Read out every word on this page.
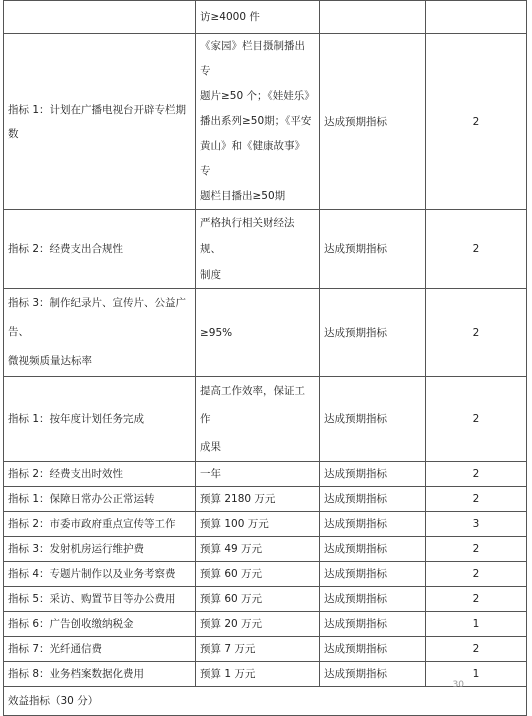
	访≥4000 件		
指标 1：计划在广播电视台开辟专栏期数	《家园》栏目摄制播出专
题片≥50 个；《娃娃乐》
播出系列≥50期；《平安
黄山》和《健康故事》专
题栏目播出≥50期	达成预期指标	2
指标 2：经费支出合规性	严格执行相关财经法规、
制度	达成预期指标	2

指标 3：制作纪录片、宣传片、公益广告、
微视频质量达标率	≥95%	达成预期指标	2
指标 1：按年度计划任务完成	提高工作效率，保证工作
成果	达成预期指标	2
指标 2：经费支出时效性	一年	达成预期指标	2
指标 1：保障日常办公正常运转	预算 2180 万元	达成预期指标	2
指标 2：市委市政府重点宣传等工作	预算 100 万元	达成预期指标	3
指标 3：发射机房运行维护费	预算 49 万元	达成预期指标	2
指标 4：专题片制作以及业务考察费	预算 60 万元	达成预期指标	2
指标 5：采访、购置节目等办公费用	预算 60 万元	达成预期指标	2
指标 6：广告创收缴纳税金	预算 20 万元	达成预期指标	1
指标 7：光纤通信费	预算 7 万元	达成预期指标	2
指标 8：业务档案数据化费用	预算 1 万元	达成预期指标	1
效益指标（30 分）			
30
